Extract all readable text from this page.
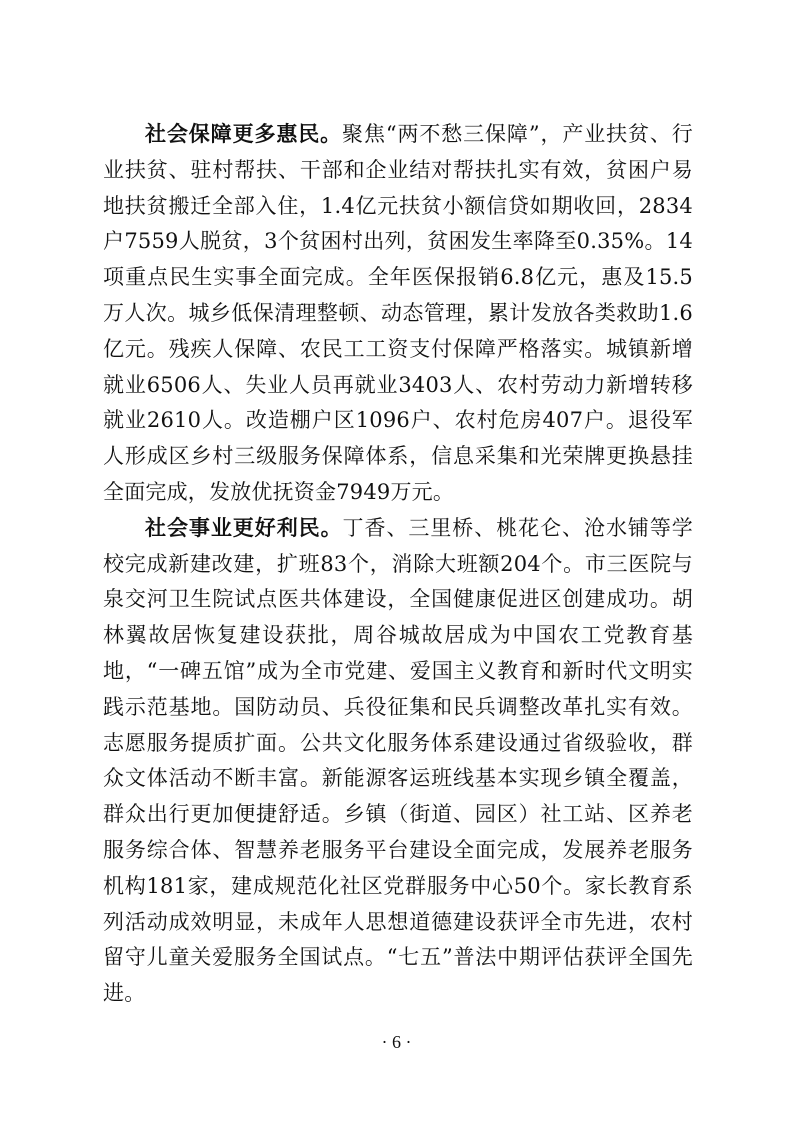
社会保障更多惠民。聚焦“两不愁三保障”，产业扶贫、行业扶贫、驻村帮扶、干部和企业结对帮扶扎实有效，贫困户易地扶贫搬迁全部入住，1.4亿元扶贫小额信贷如期收回，2834户7559人脱贫，3个贫困村出列，贫困发生率降至0.35%。14项重点民生实事全面完成。全年医保报销6.8亿元，惠及15.5万人次。城乡低保清理整顿、动态管理，累计发放各类救助1.6亿元。残疾人保障、农民工工资支付保障严格落实。城镇新增就业6506人、失业人员再就业3403人、农村劳动力新增转移就业2610人。改造棚户区1096户、农村危房407户。退役军人形成区乡村三级服务保障体系，信息采集和光荣牌更换悬挂全面完成，发放优抚资金7949万元。

社会事业更好利民。丁香、三里桥、桃花仑、沧水铺等学校完成新建改建，扩班83个，消除大班额204个。市三医院与泉交河卫生院试点医共体建设，全国健康促进区创建成功。胡林翼故居恢复建设获批，周谷城故居成为中国农工党教育基地，“一碑五馆”成为全市党建、爱国主义教育和新时代文明实践示范基地。国防动员、兵役征集和民兵调整改革扎实有效。志愿服务提质扩面。公共文化服务体系建设通过省级验收，群众文体活动不断丰富。新能源客运班线基本实现乡镇全覆盖，群众出行更加便捷舒适。乡镇（街道、园区）社工站、区养老服务综合体、智慧养老服务平台建设全面完成，发展养老服务机构181家，建成规范化社区党群服务中心50个。家长教育系列活动成效明显，未成年人思想道德建设获评全市先进，农村留守儿童关爱服务全国试点。“七五”普法中期评估获评全国先进。

· 6 ·
